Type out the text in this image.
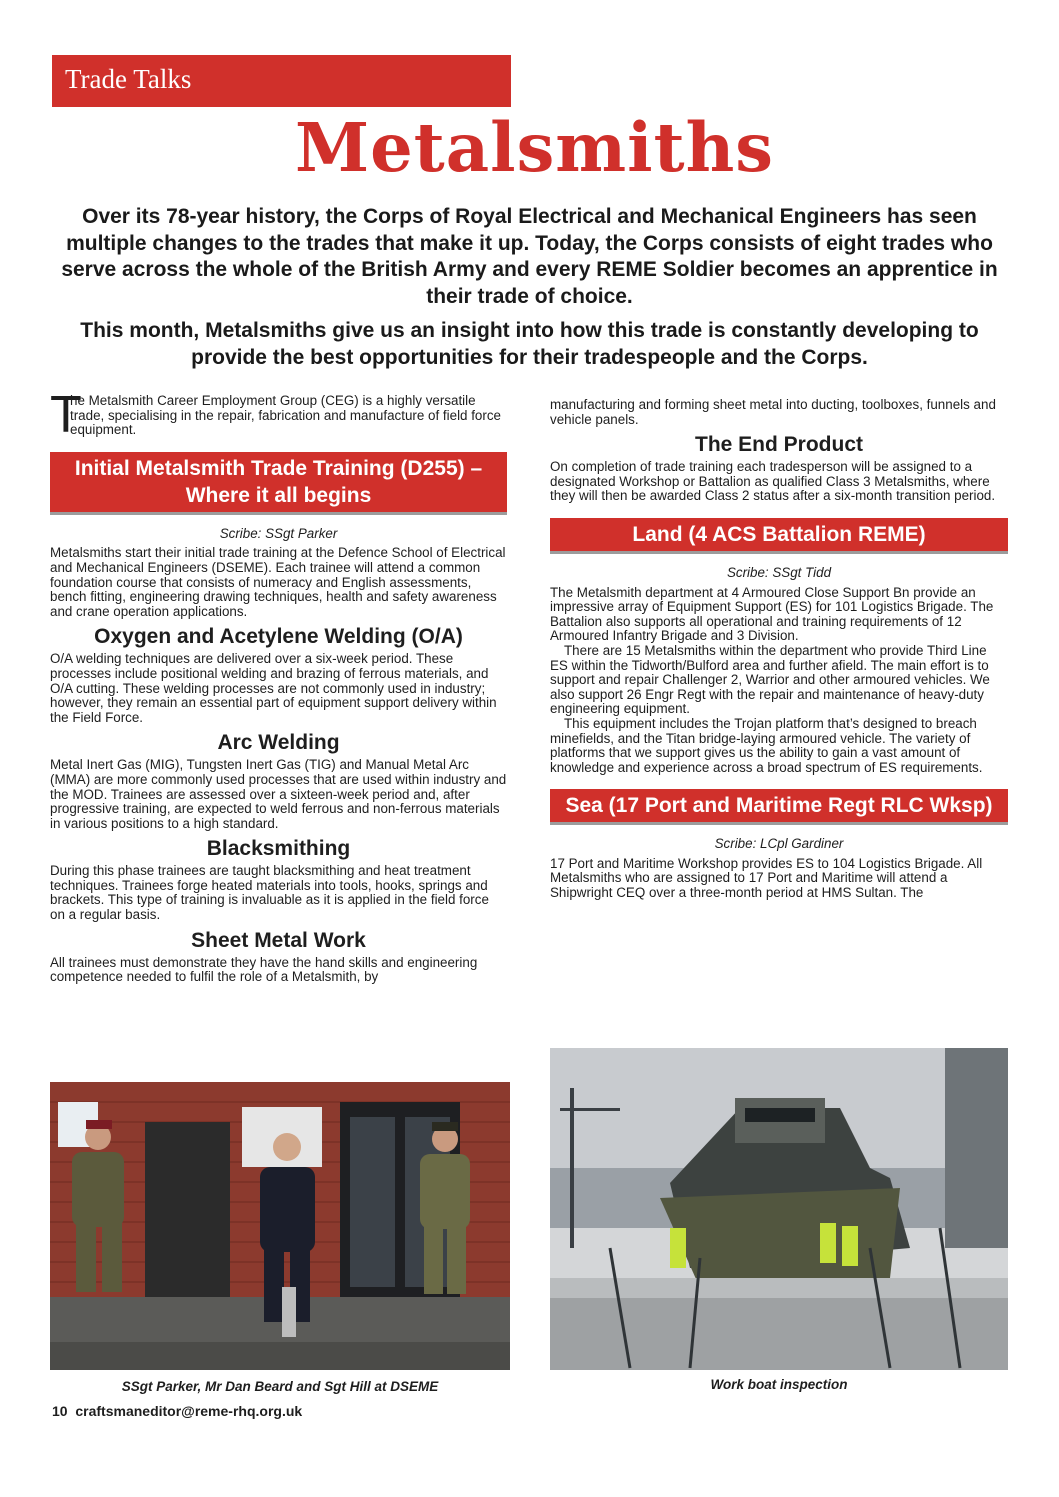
Trade Talks
Metalsmiths

Over its 78-year history, the Corps of Royal Electrical and Mechanical Engineers has seen multiple changes to the trades that make it up. Today, the Corps consists of eight trades who serve across the whole of the British Army and every REME Soldier becomes an apprentice in their trade of choice.

This month, Metalsmiths give us an insight into how this trade is constantly developing to provide the best opportunities for their tradespeople and the Corps.

T

he Metalsmith Career Employment Group (CEG) is a highly versatile trade, specialising in the repair, fabrication and manufacture of field force equipment.

Initial Metalsmith Trade Training (D255) – Where it all begins

Scribe: SSgt Parker

Metalsmiths start their initial trade training at the Defence School of Electrical and Mechanical Engineers (DSEME). Each trainee will attend a common foundation course that consists of numeracy and English assessments, bench fitting, engineering drawing techniques, health and safety awareness and crane operation applications.

Oxygen and Acetylene Welding (O/A)

O/A welding techniques are delivered over a six-week period. These processes include positional welding and brazing of ferrous materials, and O/A cutting. These welding processes are not commonly used in industry; however, they remain an essential part of equipment support delivery within the Field Force.

Arc Welding

Metal Inert Gas (MIG), Tungsten Inert Gas (TIG) and Manual Metal Arc (MMA) are more commonly used processes that are used within industry and the MOD. Trainees are assessed over a sixteen-week period and, after progressive training, are expected to weld ferrous and non-ferrous materials in various positions to a high standard.

Blacksmithing

During this phase trainees are taught blacksmithing and heat treatment techniques. Trainees forge heated materials into tools, hooks, springs and brackets. This type of training is invaluable as it is applied in the field force on a regular basis.

Sheet Metal Work

All trainees must demonstrate they have the hand skills and engineering competence needed to fulfil the role of a Metalsmith, by

SSgt Parker, Mr Dan Beard and Sgt Hill at DSEME

manufacturing and forming sheet metal into ducting, toolboxes, funnels and vehicle panels.

The End Product

On completion of trade training each tradesperson will be assigned to a designated Workshop or Battalion as qualified Class 3 Metalsmiths, where they will then be awarded Class 2 status after a six-month transition period.

Land (4 ACS Battalion REME)

Scribe: SSgt Tidd

The Metalsmith department at 4 Armoured Close Support Bn provide an impressive array of Equipment Support (ES) for 101 Logistics Brigade. The Battalion also supports all operational and training requirements of 12 Armoured Infantry Brigade and 3 Division.

There are 15 Metalsmiths within the department who provide Third Line ES within the Tidworth/Bulford area and further afield. The main effort is to support and repair Challenger 2, Warrior and other armoured vehicles. We also support 26 Engr Regt with the repair and maintenance of heavy-duty engineering equipment.

This equipment includes the Trojan platform that’s designed to breach minefields, and the Titan bridge-laying armoured vehicle. The variety of platforms that we support gives us the ability to gain a vast amount of knowledge and experience across a broad spectrum of ES requirements.

Sea (17 Port and Maritime Regt RLC Wksp)

Scribe: LCpl Gardiner

17 Port and Maritime Workshop provides ES to 104 Logistics Brigade. All Metalsmiths who are assigned to 17 Port and Maritime will attend a Shipwright CEQ over a three-month period at HMS Sultan. The

Work boat inspection
10 craftsmaneditor@reme-rhq.org.uk
